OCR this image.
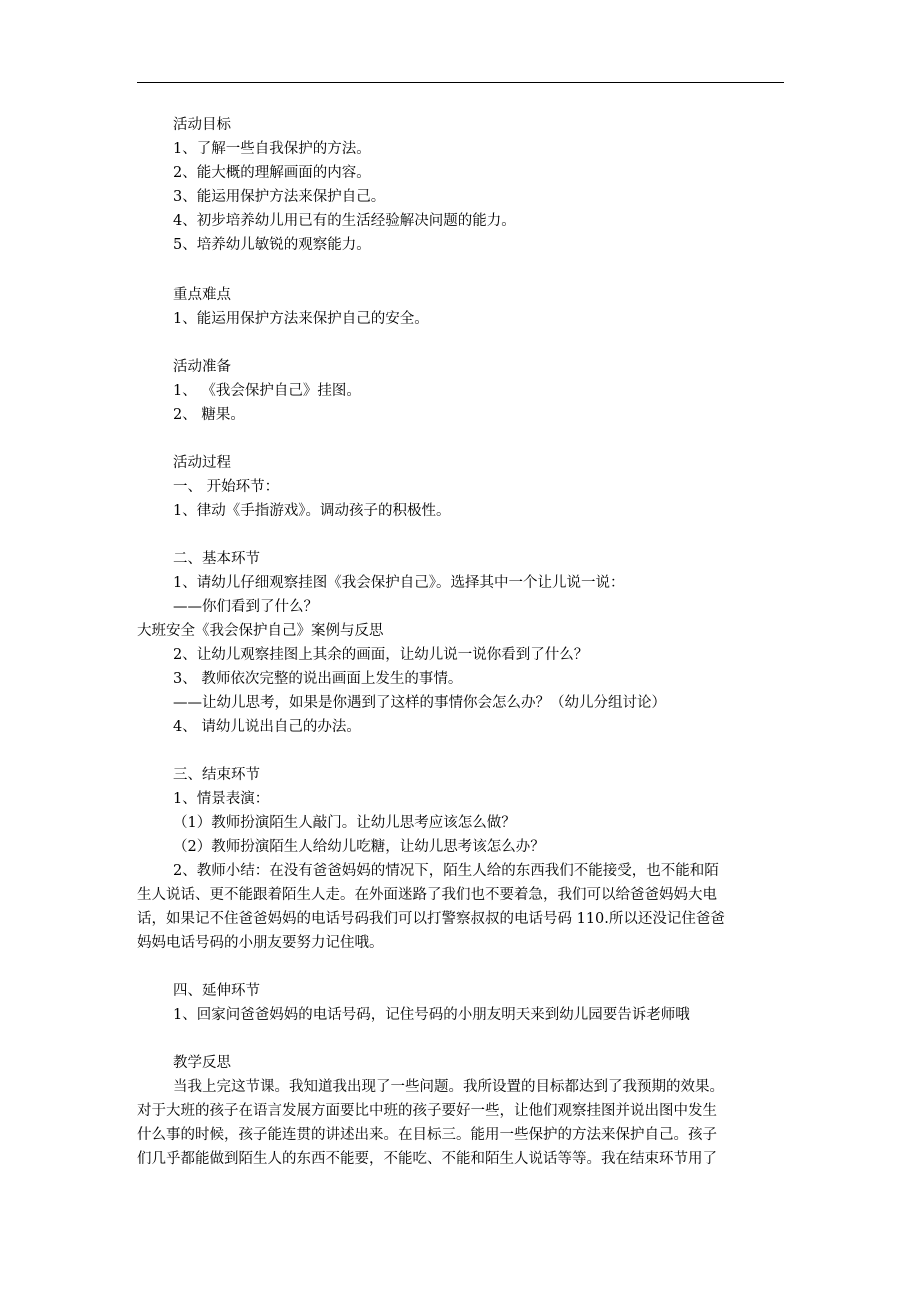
活动目标
1、了解一些自我保护的方法。
2、能大概的理解画面的内容。
3、能运用保护方法来保护自己。
4、初步培养幼儿用已有的生活经验解决问题的能力。
5、培养幼儿敏锐的观察能力。
重点难点
1、能运用保护方法来保护自己的安全。
活动准备
1、 《我会保护自己》挂图。
2、 糖果。
活动过程
一、 开始环节：
1、律动《手指游戏》。调动孩子的积极性。
二、基本环节
1、请幼儿仔细观察挂图《我会保护自己》。选择其中一个让儿说一说：
——你们看到了什么？
大班安全《我会保护自己》案例与反思
2、让幼儿观察挂图上其余的画面，让幼儿说一说你看到了什么？
3、 教师依次完整的说出画面上发生的事情。
——让幼儿思考，如果是你遇到了这样的事情你会怎么办？（幼儿分组讨论）
4、 请幼儿说出自己的办法。
三、结束环节
1、情景表演：
（1）教师扮演陌生人敲门。让幼儿思考应该怎么做？
（2）教师扮演陌生人给幼儿吃糖，让幼儿思考该怎么办？
2、教师小结：在没有爸爸妈妈的情况下，陌生人给的东西我们不能接受，也不能和陌
生人说话、更不能跟着陌生人走。在外面迷路了我们也不要着急，我们可以给爸爸妈妈大电
话，如果记不住爸爸妈妈的电话号码我们可以打警察叔叔的电话号码 110.所以还没记住爸爸
妈妈电话号码的小朋友要努力记住哦。
四、延伸环节
1、回家问爸爸妈妈的电话号码，记住号码的小朋友明天来到幼儿园要告诉老师哦
教学反思
当我上完这节课。我知道我出现了一些问题。我所设置的目标都达到了我预期的效果。
对于大班的孩子在语言发展方面要比中班的孩子要好一些，让他们观察挂图并说出图中发生
什么事的时候，孩子能连贯的讲述出来。在目标三。能用一些保护的方法来保护自己。孩子
们几乎都能做到陌生人的东西不能要，不能吃、不能和陌生人说话等等。我在结束环节用了
